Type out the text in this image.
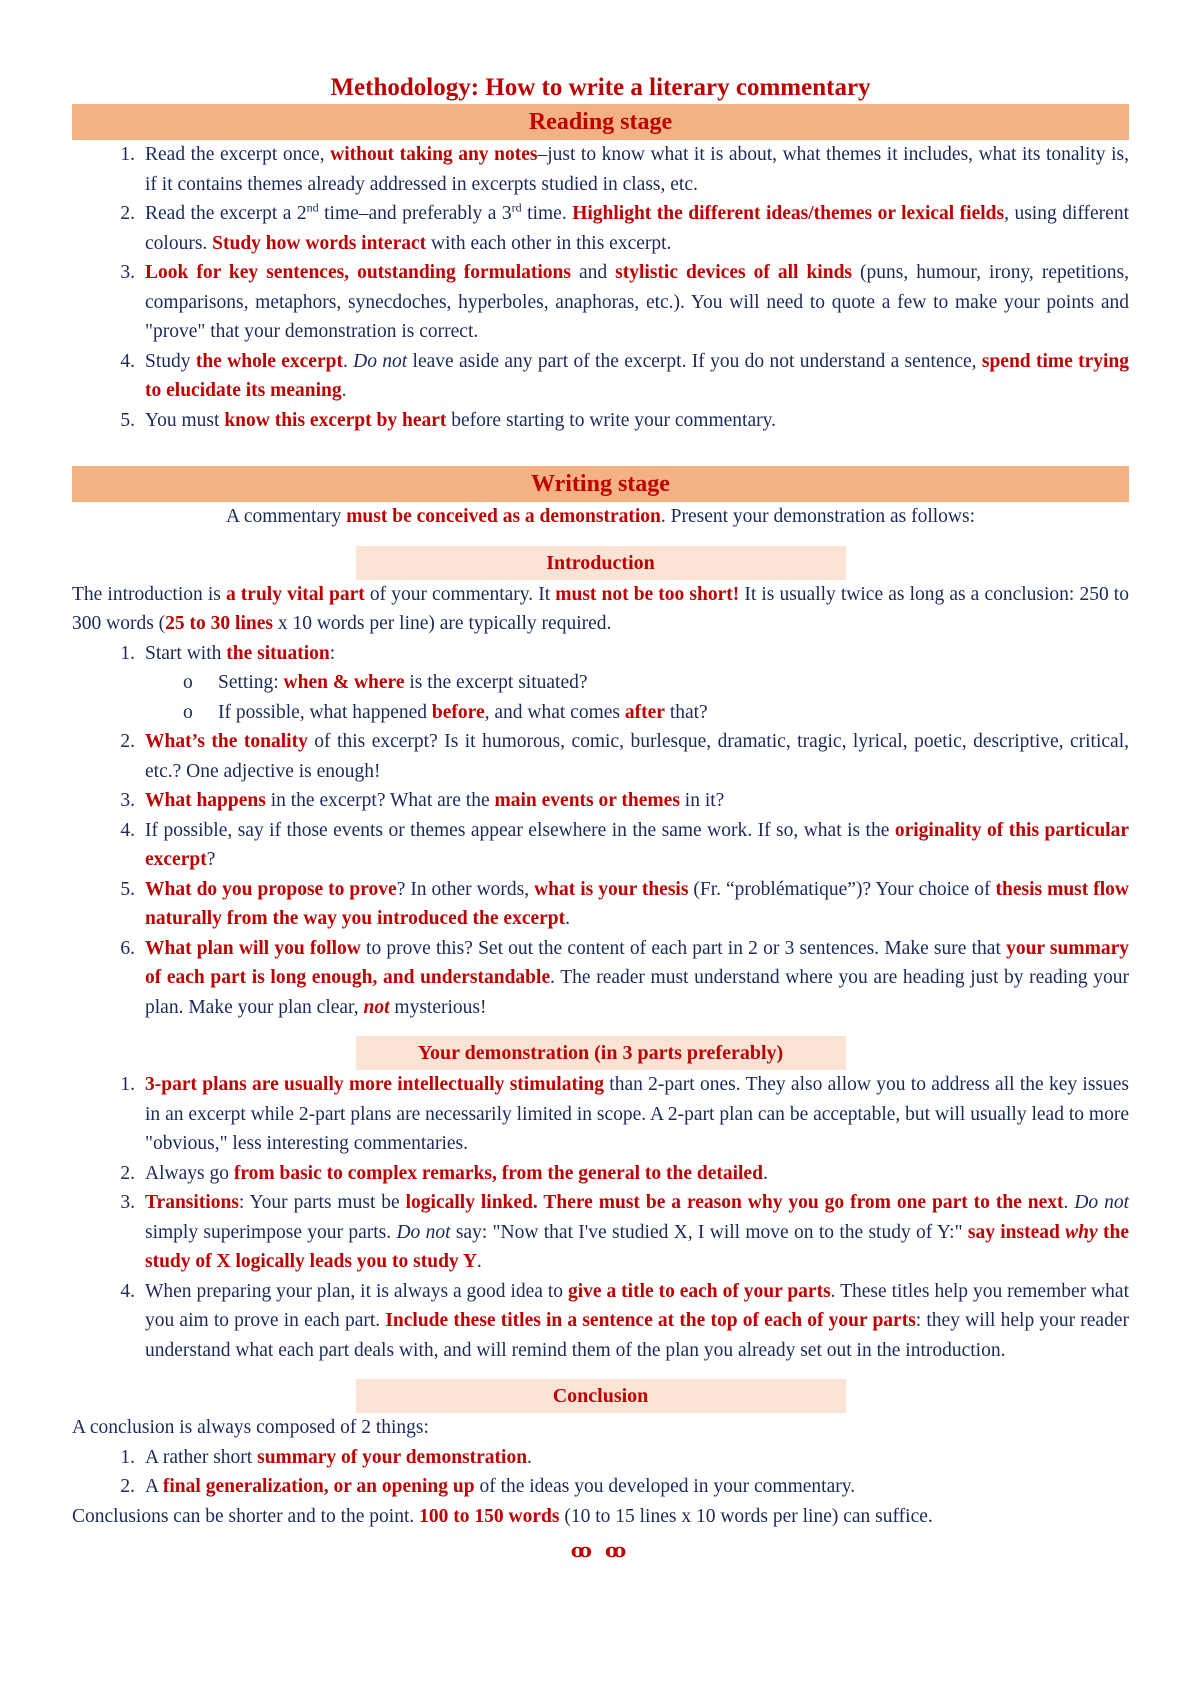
Methodology: How to write a literary commentary
Reading stage
1. Read the excerpt once, without taking any notes–just to know what it is about, what themes it includes, what its tonality is, if it contains themes already addressed in excerpts studied in class, etc.
2. Read the excerpt a 2nd time–and preferably a 3rd time. Highlight the different ideas/themes or lexical fields, using different colours. Study how words interact with each other in this excerpt.
3. Look for key sentences, outstanding formulations and stylistic devices of all kinds (puns, humour, irony, repetitions, comparisons, metaphors, synecdoches, hyperboles, anaphoras, etc.). You will need to quote a few to make your points and "prove" that your demonstration is correct.
4. Study the whole excerpt. Do not leave aside any part of the excerpt. If you do not understand a sentence, spend time trying to elucidate its meaning.
5. You must know this excerpt by heart before starting to write your commentary.
Writing stage

A commentary must be conceived as a demonstration. Present your demonstration as follows:

Introduction

The introduction is a truly vital part of your commentary. It must not be too short! It is usually twice as long as a conclusion: 250 to 300 words (25 to 30 lines x 10 words per line) are typically required.

1. Start with the situation:
o Setting: when & where is the excerpt situated?
o If possible, what happened before, and what comes after that?
2. What’s the tonality of this excerpt? Is it humorous, comic, burlesque, dramatic, tragic, lyrical, poetic, descriptive, critical, etc.? One adjective is enough!
3. What happens in the excerpt? What are the main events or themes in it?
4. If possible, say if those events or themes appear elsewhere in the same work. If so, what is the originality of this particular excerpt?
5. What do you propose to prove? In other words, what is your thesis (Fr. “problématique”)? Your choice of thesis must flow naturally from the way you introduced the excerpt.
6. What plan will you follow to prove this? Set out the content of each part in 2 or 3 sentences. Make sure that your summary of each part is long enough, and understandable. The reader must understand where you are heading just by reading your plan. Make your plan clear, not mysterious!
Your demonstration (in 3 parts preferably)
1. 3-part plans are usually more intellectually stimulating than 2-part ones. They also allow you to address all the key issues in an excerpt while 2-part plans are necessarily limited in scope. A 2-part plan can be acceptable, but will usually lead to more "obvious," less interesting commentaries.
2. Always go from basic to complex remarks, from the general to the detailed.
3. Transitions: Your parts must be logically linked. There must be a reason why you go from one part to the next. Do not simply superimpose your parts. Do not say: "Now that I've studied X, I will move on to the study of Y:" say instead why the study of X logically leads you to study Y.
4. When preparing your plan, it is always a good idea to give a title to each of your parts. These titles help you remember what you aim to prove in each part. Include these titles in a sentence at the top of each of your parts: they will help your reader understand what each part deals with, and will remind them of the plan you already set out in the introduction.
Conclusion

A conclusion is always composed of 2 things:

1. A rather short summary of your demonstration.
2. A final generalization, or an opening up of the ideas you developed in your commentary.

Conclusions can be shorter and to the point. 100 to 150 words (10 to 15 lines x 10 words per line) can suffice.

ꝏ ꝏ
